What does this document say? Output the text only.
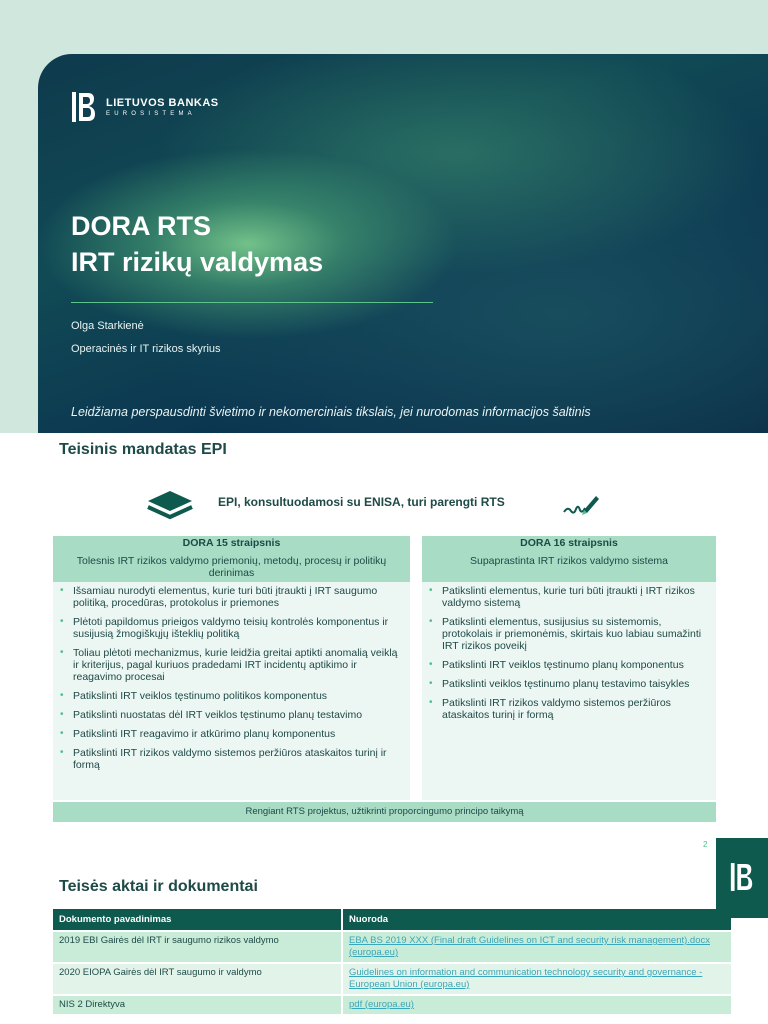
LIETUVOS BANKAS
EUROSISTEMA
DORA RTS
IRT rizikų valdymas
Olga Starkienė
Operacinės ir IT rizikos skyrius
Leidžiama perspausdinti švietimo ir nekomerciniais tikslais, jei nurodomas informacijos šaltinis
Teisinis mandatas EPI
EPI, konsultuodamosi su ENISA, turi parengti RTS
DORA 15 straipsnis
Tolesnis IRT rizikos valdymo priemonių, metodų, procesų ir politikų derinimas
• Išsamiau nurodyti elementus, kurie turi būti įtraukti į IRT saugumo politiką, procedūras, protokolus ir priemones
• Plėtoti papildomus prieigos valdymo teisių kontrolės komponentus ir susijusią žmogiškųjų išteklių politiką
• Toliau plėtoti mechanizmus, kurie leidžia greitai aptikti anomalią veiklą ir kriterijus, pagal kuriuos pradedami IRT incidentų aptikimo ir reagavimo procesai
• Patikslinti IRT veiklos tęstinumo politikos komponentus
• Patikslinti nuostatas dėl IRT veiklos tęstinumo planų testavimo
• Patikslinti IRT reagavimo ir atkūrimo planų komponentus
• Patikslinti IRT rizikos valdymo sistemos peržiūros ataskaitos turinį ir formą
DORA 16 straipsnis
Supaprastinta IRT rizikos valdymo sistema
• Patikslinti elementus, kurie turi būti įtraukti į IRT rizikos valdymo sistemą
• Patikslinti elementus, susijusius su sistemomis, protokolais ir priemonėmis, skirtais kuo labiau sumažinti IRT rizikos poveikį
• Patikslinti IRT veiklos tęstinumo planų komponentus
• Patikslinti veiklos tęstinumo planų testavimo taisykles
• Patikslinti IRT rizikos valdymo sistemos peržiūros ataskaitos turinį ir formą
Rengiant RTS projektus, užtikrinti proporcingumo principo taikymą
2
Teisės aktai ir dokumentai
Dokumento pavadinimas	Nuoroda
2019 EBI Gairės dėl IRT ir saugumo rizikos valdymo	EBA BS 2019 XXX (Final draft Guidelines on ICT and security risk management).docx (europa.eu)
2020 EIOPA Gairės dėl IRT saugumo ir valdymo	Guidelines on information and communication technology security and governance - European Union (europa.eu)
NIS 2 Direktyva	pdf (europa.eu)
